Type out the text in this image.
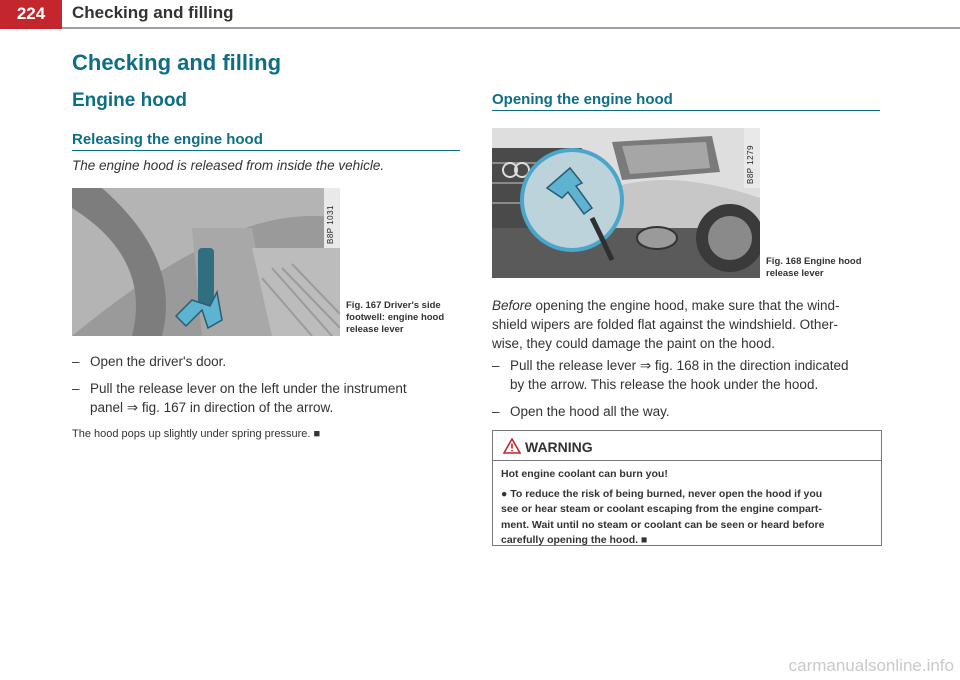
224	Checking and filling
Checking and filling
Engine hood
Releasing the engine hood
Opening the engine hood
The engine hood is released from inside the vehicle.
B8P 1031
Fig. 167 Driver's side
footwell: engine hood
release lever
– Open the driver's door.
– Pull the release lever on the left under the instrument
panel ⇒ fig. 167 in direction of the arrow.
The hood pops up slightly under spring pressure. ■
B8P 1279
Fig. 168 Engine hood
release lever
Before opening the engine hood, make sure that the wind-
shield wipers are folded flat against the windshield. Other-
wise, they could damage the paint on the hood.
– Pull the release lever ⇒ fig. 168 in the direction indicated
by the arrow. This release the hook under the hood.
– Open the hood all the way.
WARNING
Hot engine coolant can burn you!
● To reduce the risk of being burned, never open the hood if you
see or hear steam or coolant escaping from the engine compart-
ment. Wait until no steam or coolant can be seen or heard before
carefully opening the hood. ■
carmanualsonline.info
